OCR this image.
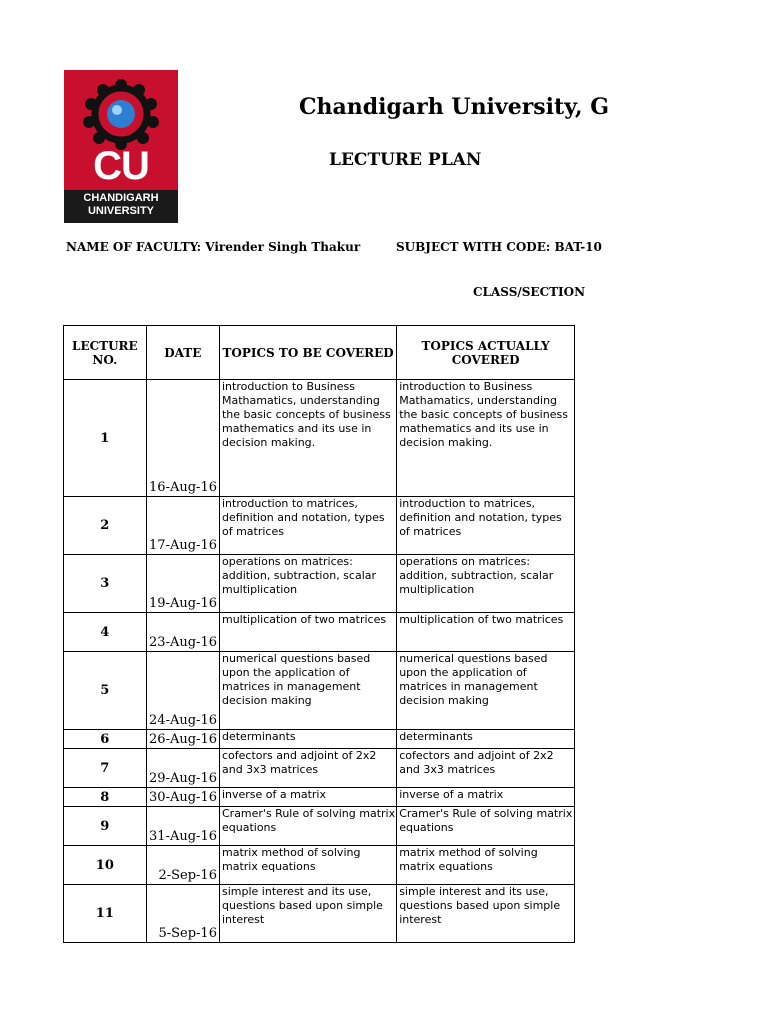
CU
CHANDIGARH
UNIVERSITY
Chandigarh University, G
LECTURE PLAN
NAME OF FACULTY: Virender Singh Thakur	SUBJECT WITH CODE: BAT-10
CLASS/SECTION
LECTURE NO.	DATE	TOPICS TO BE COVERED	TOPICS ACTUALLY COVERED

1	16-Aug-16	introduction to Business Mathamatics, understanding the basic concepts of business mathematics and its use in decision making.	introduction to Business Mathamatics, understanding the basic concepts of business mathematics and its use in decision making.
2	17-Aug-16	introduction to matrices, definition and notation, types of matrices	introduction to matrices, definition and notation, types of matrices
3	19-Aug-16	operations on matrices: addition, subtraction, scalar multiplication	operations on matrices: addition, subtraction, scalar multiplication
4	23-Aug-16	multiplication of two matrices	multiplication of two matrices
5	24-Aug-16	numerical questions based upon the application of matrices in management decision making	numerical questions based upon the application of matrices in management decision making
6	26-Aug-16	determinants	determinants
7	29-Aug-16	cofectors and adjoint of 2x2 and 3x3 matrices	cofectors and adjoint of 2x2 and 3x3 matrices
8	30-Aug-16	inverse of a matrix	inverse of a matrix
9	31-Aug-16	Cramer's Rule of solving matrix equations	Cramer's Rule of solving matrix equations
10	2-Sep-16	matrix method of solving matrix equations	matrix method of solving matrix equations
11	5-Sep-16	simple interest and its use, questions based upon simple interest	simple interest and its use, questions based upon simple interest
